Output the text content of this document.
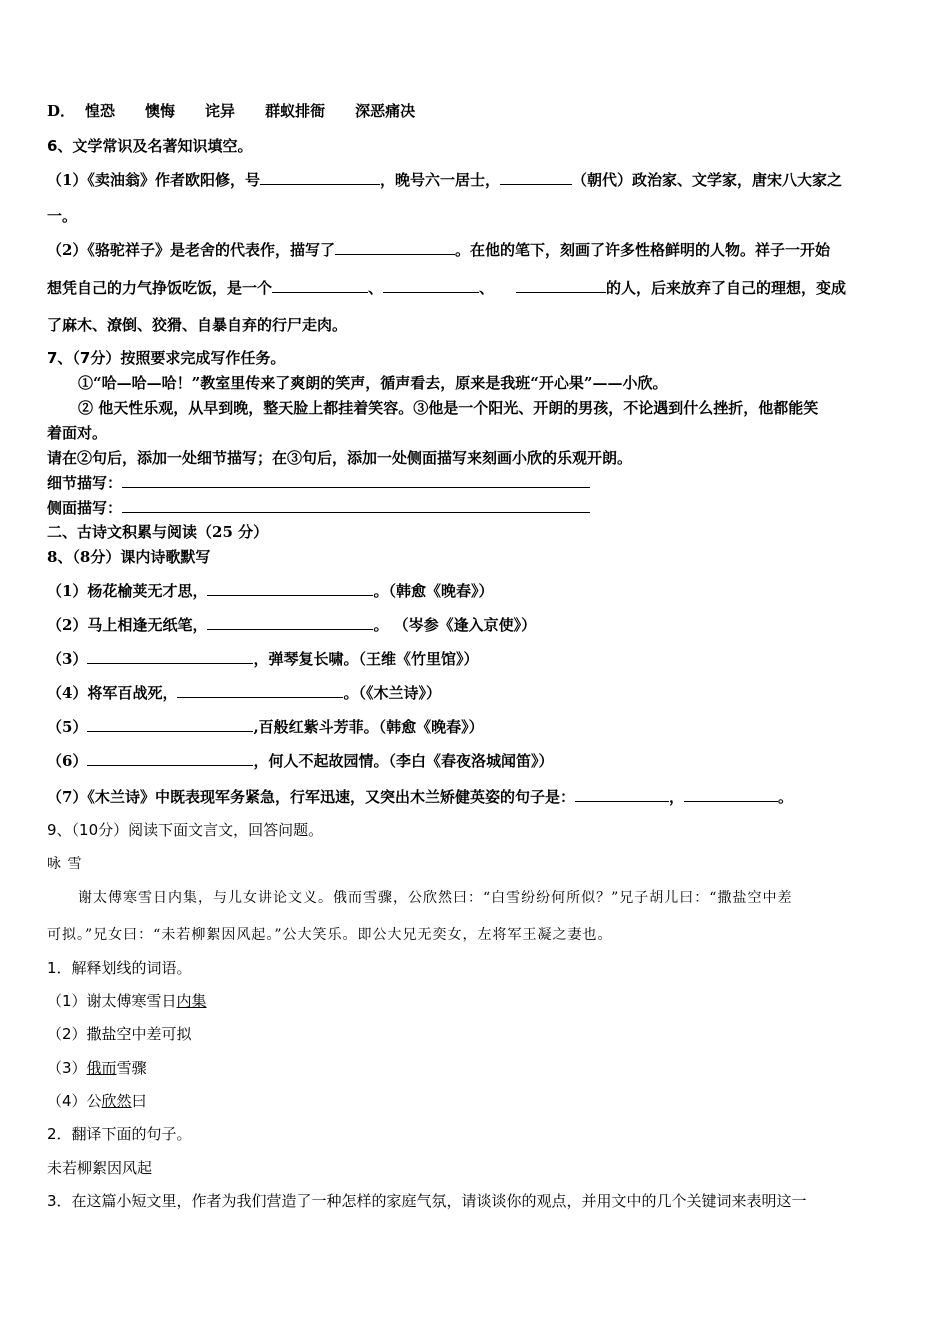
D． 惶恐 懊悔 诧异 群蚁排衙 深恶痛决
6、文学常识及名著知识填空。
（1）《卖油翁》作者欧阳修，号	，晚号六一居士，	（朝代）政治家、文学家，唐宋八大家之
一。
（2）《骆驼祥子》是老舍的代表作，描写了	。在他的笔下，刻画了许多性格鲜明的人物。祥子一开始
想凭自己的力气挣饭吃饭，是一个	、	、	的人，后来放弃了自己的理想，变成
了麻木、潦倒、狡猾、自暴自弃的行尸走肉。
7、（7分）按照要求完成写作任务。
①“哈—哈—哈！”教室里传来了爽朗的笑声，循声看去，原来是我班“开心果”——小欣。
② 他天性乐观，从早到晚，整天脸上都挂着笑容。③他是一个阳光、开朗的男孩，不论遇到什么挫折，他都能笑
着面对。
请在②句后，添加一处细节描写；在③句后，添加一处侧面描写来刻画小欣的乐观开朗。
细节描写：
侧面描写：
二、古诗文积累与阅读（25 分）
8、（8分）课内诗歌默写
（1）杨花榆荚无才思，	。（韩愈《晚春》）
（2）马上相逢无纸笔，	。 （岑参《逢入京使》）
（3）	，弹琴复长啸。（王维《竹里馆》）
（4）将军百战死，	。（《木兰诗》）
（5）	,百般红紫斗芳菲。（韩愈《晚春》）
（6）	，何人不起故园情。（李白《春夜洛城闻笛》）
（7）《木兰诗》中既表现军务紧急，行军迅速，又突出木兰矫健英姿的句子是：	，	。
9、（10分）阅读下面文言文，回答问题。
咏 雪
谢太傅寒雪日内集，与儿女讲论文义。俄而雪骤，公欣然曰：“白雪纷纷何所似？”兄子胡儿曰：“撒盐空中差
可拟。”兄女曰：“未若柳絮因风起。”公大笑乐。即公大兄无奕女，左将军王凝之妻也。
1．解释划线的词语。
（1）谢太傅寒雪日内集
（2）撒盐空中差可拟
（3）俄而雪骤
（4）公欣然曰
2．翻译下面的句子。
未若柳絮因风起
3．在这篇小短文里，作者为我们营造了一种怎样的家庭气氛，请谈谈你的观点，并用文中的几个关键词来表明这一
